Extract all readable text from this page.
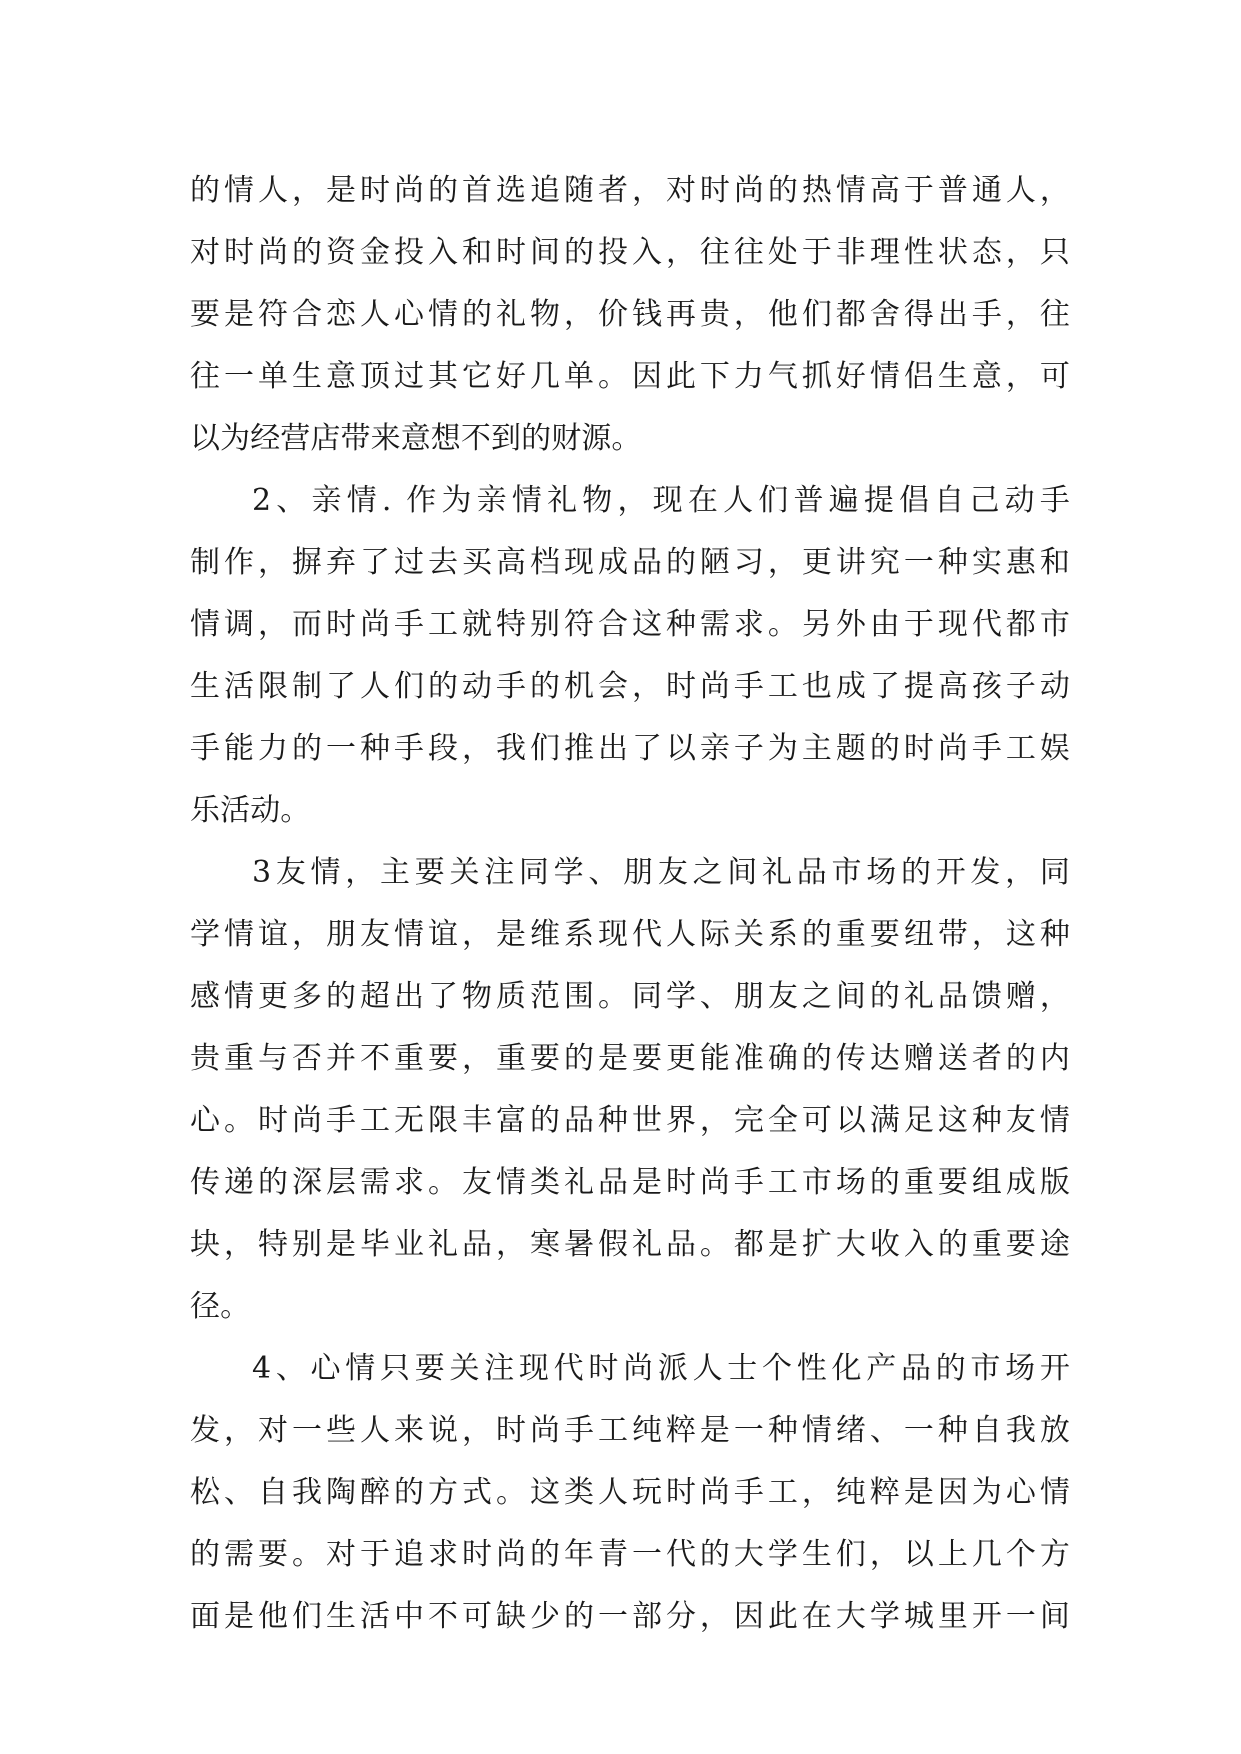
的情人，是时尚的首选追随者，对时尚的热情高于普通人，
对时尚的资金投入和时间的投入，往往处于非理性状态，只
要是符合恋人心情的礼物，价钱再贵，他们都舍得出手，往
往一单生意顶过其它好几单。因此下力气抓好情侣生意，可
以为经营店带来意想不到的财源。
2、亲情. 作为亲情礼物，现在人们普遍提倡自己动手
制作，摒弃了过去买高档现成品的陋习，更讲究一种实惠和
情调，而时尚手工就特别符合这种需求。另外由于现代都市
生活限制了人们的动手的机会，时尚手工也成了提高孩子动
手能力的一种手段，我们推出了以亲子为主题的时尚手工娱
乐活动。
3友情，主要关注同学、朋友之间礼品市场的开发，同
学情谊，朋友情谊，是维系现代人际关系的重要纽带，这种
感情更多的超出了物质范围。同学、朋友之间的礼品馈赠，
贵重与否并不重要，重要的是要更能准确的传达赠送者的内
心。时尚手工无限丰富的品种世界，完全可以满足这种友情
传递的深层需求。友情类礼品是时尚手工市场的重要组成版
块，特别是毕业礼品，寒暑假礼品。都是扩大收入的重要途
径。
4、心情只要关注现代时尚派人士个性化产品的市场开
发，对一些人来说，时尚手工纯粹是一种情绪、一种自我放
松、自我陶醉的方式。这类人玩时尚手工，纯粹是因为心情
的需要。对于追求时尚的年青一代的大学生们，以上几个方
面是他们生活中不可缺少的一部分，因此在大学城里开一间
